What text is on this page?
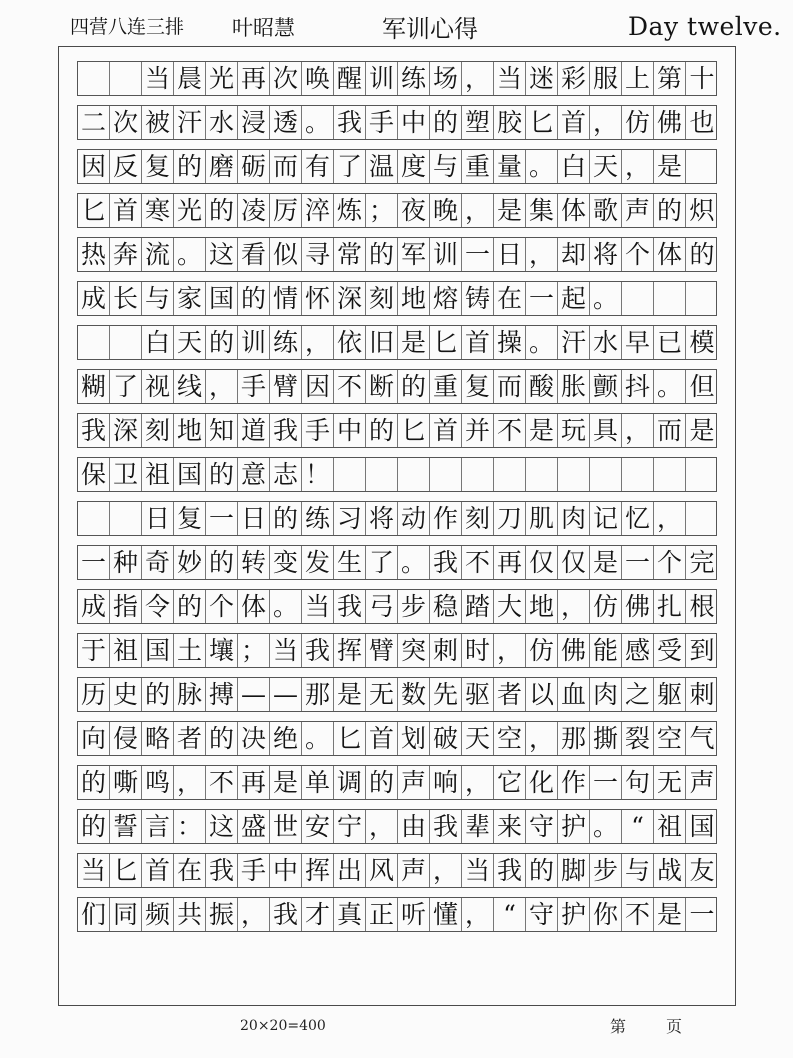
四营八连三排 叶昭慧	军训心得	Day twelve.
当 晨 光 再 次 唤 醒 训 练 场 ， 当 迷 彩 服 上 第 十
二 次 被 汗 水 浸 透 。 我 手 中 的 塑 胶 匕 首 ， 仿 佛 也
因 反 复 的 磨 砺 而 有 了 温 度 与 重 量 。 白 天 ， 是
匕 首 寒 光 的 凌 厉 淬 炼 ； 夜 晚 ， 是 集 体 歌 声 的 炽
热 奔 流 。 这 看 似 寻 常 的 军 训 一 日 ， 却 将 个 体 的
成 长 与 家 国 的 情 怀 深 刻 地 熔 铸 在 一 起 。
白 天 的 训 练 ， 依 旧 是 匕 首 操 。 汗 水 早 已 模
糊 了 视 线 ， 手 臂 因 不 断 的 重 复 而 酸 胀 颤 抖 。 但
我 深 刻 地 知 道 我 手 中 的 匕 首 并 不 是 玩 具 ， 而 是
保 卫 祖 国 的 意 志 ！
日 复 一 日 的 练 习 将 动 作 刻 刀 肌 肉 记 忆 ，
一 种 奇 妙 的 转 变 发 生 了 。 我 不 再 仅 仅 是 一 个 完
成 指 令 的 个 体 。 当 我 弓 步 稳 踏 大 地 ， 仿 佛 扎 根
于 祖 国 土 壤 ； 当 我 挥 臂 突 刺 时 ， 仿 佛 能 感 受 到
历 史 的 脉 搏 — — 那 是 无 数 先 驱 者 以 血 肉 之 躯 刺
向 侵 略 者 的 决 绝 。 匕 首 划 破 天 空 ， 那 撕 裂 空 气
的 嘶 鸣 ， 不 再 是 单 调 的 声 响 ， 它 化 作 一 句 无 声
的 誓 言 ： 这 盛 世 安 宁 ， 由 我 辈 来 守 护 。 “ 祖 国
当 匕 首 在 我 手 中 挥 出 风 声 ， 当 我 的 脚 步 与 战 友
们 同 频 共 振 ， 我 才 真 正 听 懂 ， “ 守 护 你 不 是 一
20×20=400	第页
